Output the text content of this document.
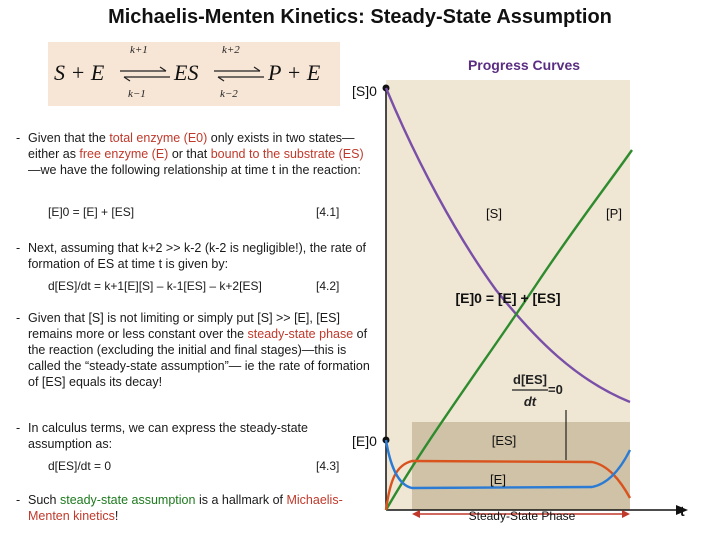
Michaelis-Menten Kinetics: Steady-State Assumption
S + E ⇌
k+1
k−1
ES ⇌
k+2
k−2
P + E
- Given that the total enzyme (E0) only exists in two states—either as free enzyme (E) or that bound to the substrate (ES)—we have the following relationship at time t in the reaction:
[E]0 = [E] + [ES]	[4.1]
- Next, assuming that k+2 >> k-2 (k-2 is negligible!), the rate of formation of ES at time t is given by:
d[ES]/dt = k+1[E][S] – k-1[ES] – k+2[ES]	[4.2]
- Given that [S] is not limiting or simply put [S] >> [E], [ES] remains more or less constant over the steady-state phase of the reaction (excluding the initial and final stages)—this is called the “steady-state assumption”— ie the rate of formation of [ES] equals its decay!
- In calculus terms, we can express the steady-state assumption as:
d[ES]/dt = 0	[4.3]
- Such steady-state assumption is a hallmark of Michaelis-Menten kinetics!
Progress Curves
t
[S]0
[E]0
[S]	[P]
[E]0 = [E] + [ES]
d[ES]
dt
=0
[ES]
[E]
Steady-State Phase
